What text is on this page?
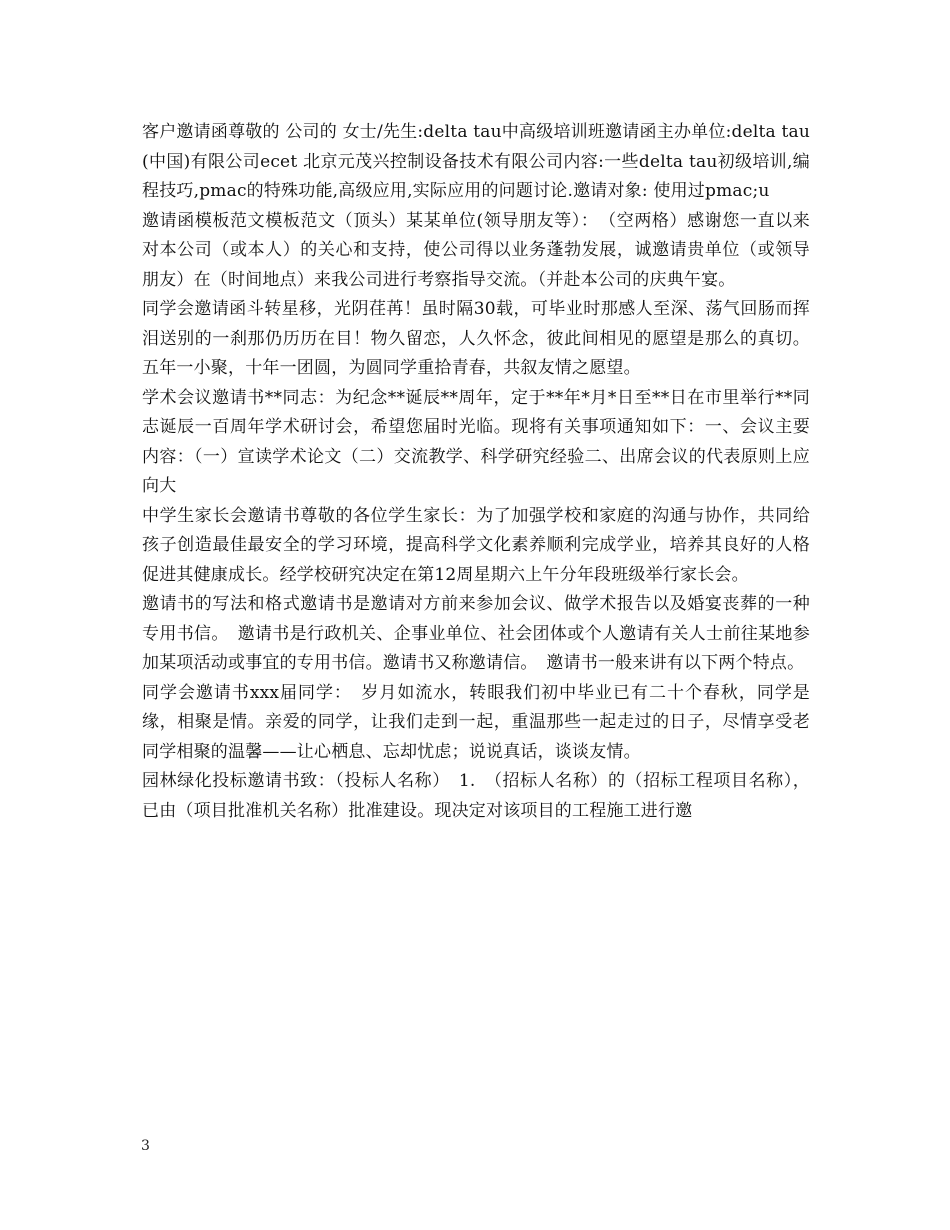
客户邀请函尊敬的 公司的 女士/先生:delta tau中高级培训班邀请函主办单位:delta tau (中国)有限公司ecet 北京元茂兴控制设备技术有限公司内容:一些delta tau初级培训,编程技巧,pmac的特殊功能,高级应用,实际应用的问题讨论.邀请对象: 使用过pmac;u

邀请函模板范文模板范文（顶头）某某单位(领导朋友等）：　（空两格）感谢您一直以来对本公司（或本人）的关心和支持，使公司得以业务蓬勃发展，诚邀请贵单位（或领导朋友）在（时间地点）来我公司进行考察指导交流。（并赴本公司的庆典午宴。

同学会邀请函斗转星移，光阴荏苒！虽时隔30载，可毕业时那感人至深、荡气回肠而挥泪送别的一刹那仍历历在目！物久留恋，人久怀念，彼此间相见的愿望是那么的真切。五年一小聚，十年一团圆，为圆同学重拾青春，共叙友情之愿望。

学术会议邀请书**同志：为纪念**诞辰**周年，定于**年*月*日至**日在市里举行**同志诞辰一百周年学术研讨会，希望您届时光临。现将有关事项通知如下：一、会议主要内容：（一）宣读学术论文（二）交流教学、科学研究经验二、出席会议的代表原则上应向大

中学生家长会邀请书尊敬的各位学生家长：为了加强学校和家庭的沟通与协作，共同给孩子创造最佳最安全的学习环境，提高科学文化素养顺利完成学业，培养其良好的人格促进其健康成长。经学校研究决定在第12周星期六上午分年段班级举行家长会。

邀请书的写法和格式邀请书是邀请对方前来参加会议、做学术报告以及婚宴丧葬的一种专用书信。　邀请书是行政机关、企事业单位、社会团体或个人邀请有关人士前往某地参加某项活动或事宜的专用书信。邀请书又称邀请信。　邀请书一般来讲有以下两个特点。

同学会邀请书xxx届同学：　岁月如流水，转眼我们初中毕业已有二十个春秋，同学是缘，相聚是情。亲爱的同学，让我们走到一起，重温那些一起走过的日子，尽情享受老同学相聚的温馨——让心栖息、忘却忧虑；说说真话，谈谈友情。

园林绿化投标邀请书致：（投标人名称）　1.　（招标人名称）的（招标工程项目名称），已由（项目批准机关名称）批准建设。现决定对该项目的工程施工进行邀

3
